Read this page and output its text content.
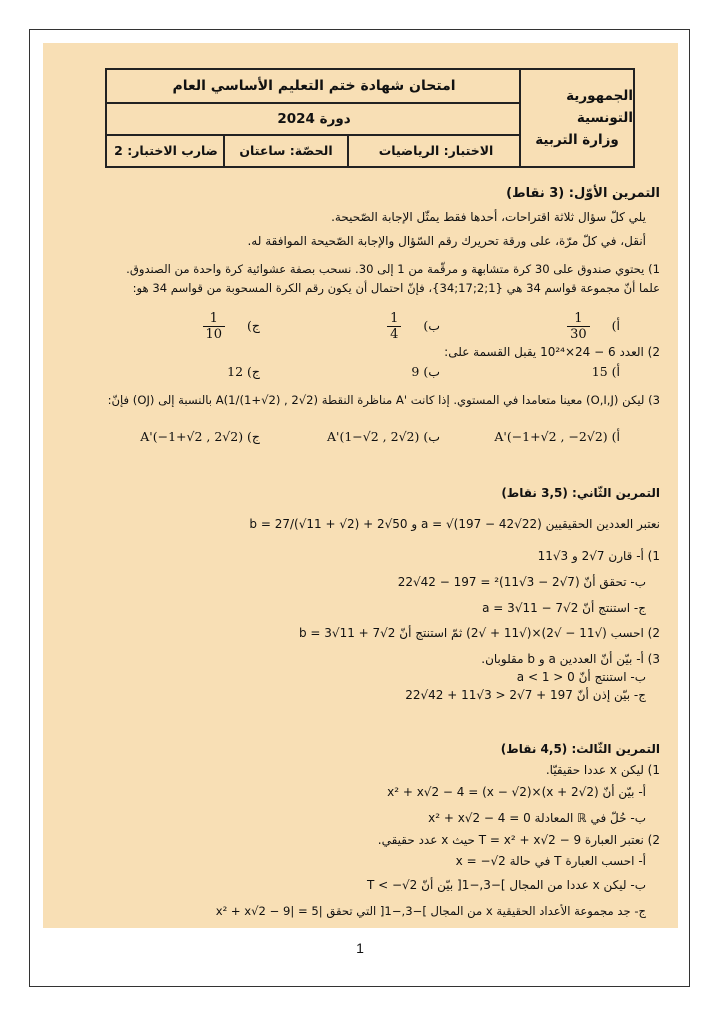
الجمهورية التونسية
وزارة التربية
امتحان شهادة ختم التعليم الأساسي العام
دورة 2024
الاختبار: الرياضيات
الحصّة: ساعتان
ضارب الاختبار: 2
التمرين الأوّل: (3 نقاط)
يلي كلّ سؤال ثلاثة اقتراحات، أحدها فقط يمثّل الإجابة الصّحيحة.
أنقل، في كلّ مرّة، على ورقة تحريرك رقم السّؤال والإجابة الصّحيحة الموافقة له.
1) يحتوي صندوق على 30 كرة متشابهة و مرقّمة من 1 إلى 30. نسحب بصفة عشوائية كرة واحدة من الصندوق.
علما أنّ مجموعة قواسم 34 هي {1;2;17;34}، فإنّ احتمال أن يكون رقم الكرة المسحوبة من قواسم 34 هو:
أ)
$\frac{1}{30}$
ب)
$\frac{1}{4}$
ج)
$\frac{1}{10}$
2) العدد 6 − 24×10²⁴ يقبل القسمة على:
أ) 15
ب) 9
ج) 12
3) ليكن (O,I,J) معينا متعامدا في المستوي. إذا كانت 'A مناظرة النقطة A(1/(1+√2) , 2√2) بالنسبة إلى (OJ) فإنّ:
أ) A'(−1+√2 , −2√2)
ب) A'(1−√2 , 2√2)
ج) A'(−1+√2 , 2√2)
التمرين الثّاني: (3,5 نقاط)
نعتبر العددين الحقيقيين a = √(197 − 42√22) و b = 27/(√11 + √2) + 2√50
1) أ- قارن 7√2 و 3√11
ب- تحقق أنّ (7√2 − 3√11)² = 197 − 42√22
ج- استنتج أنّ a = 3√11 − 7√2
2) احسب (√11 − √2)×(√11 + √2) ثمّ استنتج أنّ b = 3√11 + 7√2
3) أ- بيّن أنّ العددين a و b مقلوبان.
ب- استنتج أنّ 0 < a < 1
ج- بيّن إذن أنّ 197 + 7√2 < 3√11 + 42√22
التمرين الثّالث: (4,5 نقاط)
1) ليكن x عددا حقيقيّا.
أ- بيّن أنّ x² + x√2 − 4 = (x − √2)×(x + 2√2)
ب- حُلّ في ℝ المعادلة x² + x√2 − 4 = 0
2) نعتبر العبارة T = x² + x√2 − 9 حيث x عدد حقيقي.
أ- احسب العبارة T في حالة x = −√2
ب- ليكن x عددا من المجال ]−3,−1[ بيّن أنّ T < −√2
ج- جد مجموعة الأعداد الحقيقية x من المجال ]−3,−1[ التي تحقق |x² + x√2 − 9| = 5
1
